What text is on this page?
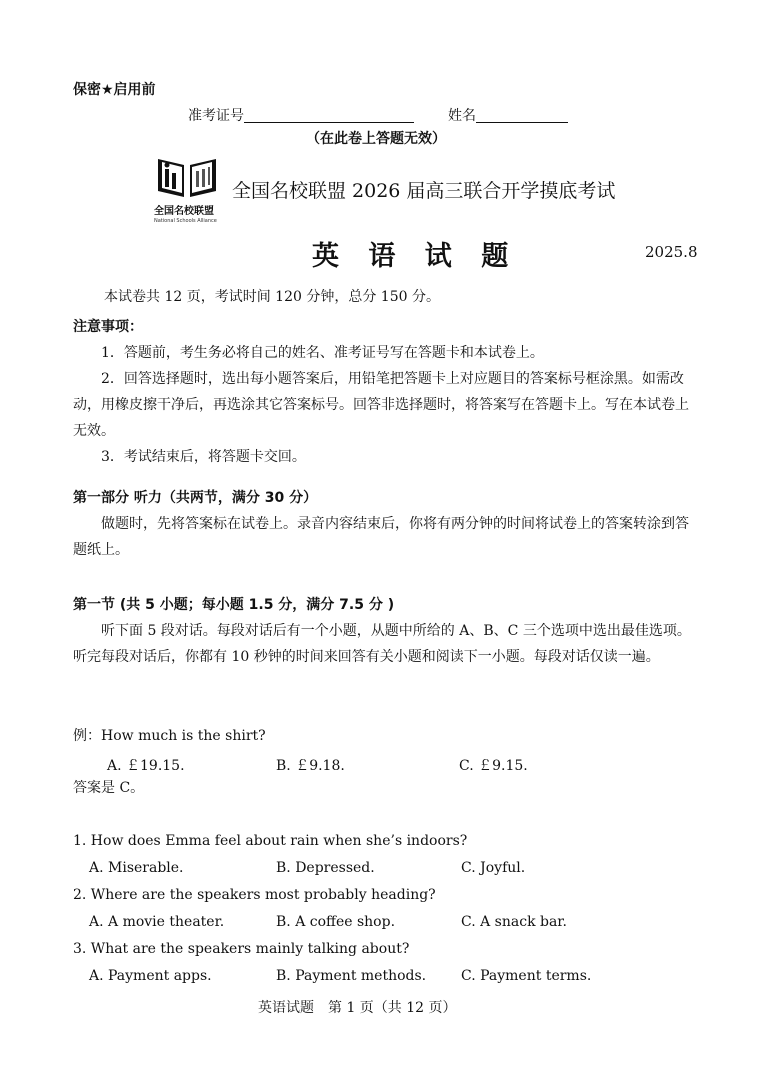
保密★启用前
准考证号	姓名
（在此卷上答题无效）
全国名校联盟
National Schools Alliance
全国名校联盟 2026 届高三联合开学摸底考试
英 语 试 题	2025.8
本试卷共 12 页，考试时间 120 分钟，总分 150 分。
注意事项：
1．答题前，考生务必将自己的姓名、准考证号写在答题卡和本试卷上。
2．回答选择题时，选出每小题答案后，用铅笔把答题卡上对应题目的答案标号框涂黑。如需改动，用橡皮擦干净后，再选涂其它答案标号。回答非选择题时，将答案写在答题卡上。写在本试卷上无效。
3．考试结束后，将答题卡交回。
第一部分 听力（共两节，满分 30 分）
做题时，先将答案标在试卷上。录音内容结束后，你将有两分钟的时间将试卷上的答案转涂到答题纸上。
第一节 (共 5 小题；每小题 1.5 分，满分 7.5 分 )
听下面 5 段对话。每段对话后有一个小题，从题中所给的 A、B、C 三个选项中选出最佳选项。听完每段对话后，你都有 10 秒钟的时间来回答有关小题和阅读下一小题。每段对话仅读一遍。
例：How much is the shirt?
A. ￡19.15.	B. ￡9.18.	C. ￡9.15.
答案是 C。
1. How does Emma feel about rain when she’s indoors?
A. Miserable.	B. Depressed.	C. Joyful.
2. Where are the speakers most probably heading?
A. A movie theater.	B. A coffee shop.	C. A snack bar.
3. What are the speakers mainly talking about?
A. Payment apps.	B. Payment methods. C. Payment terms.
英语试题　第 1 页（共 12 页）
